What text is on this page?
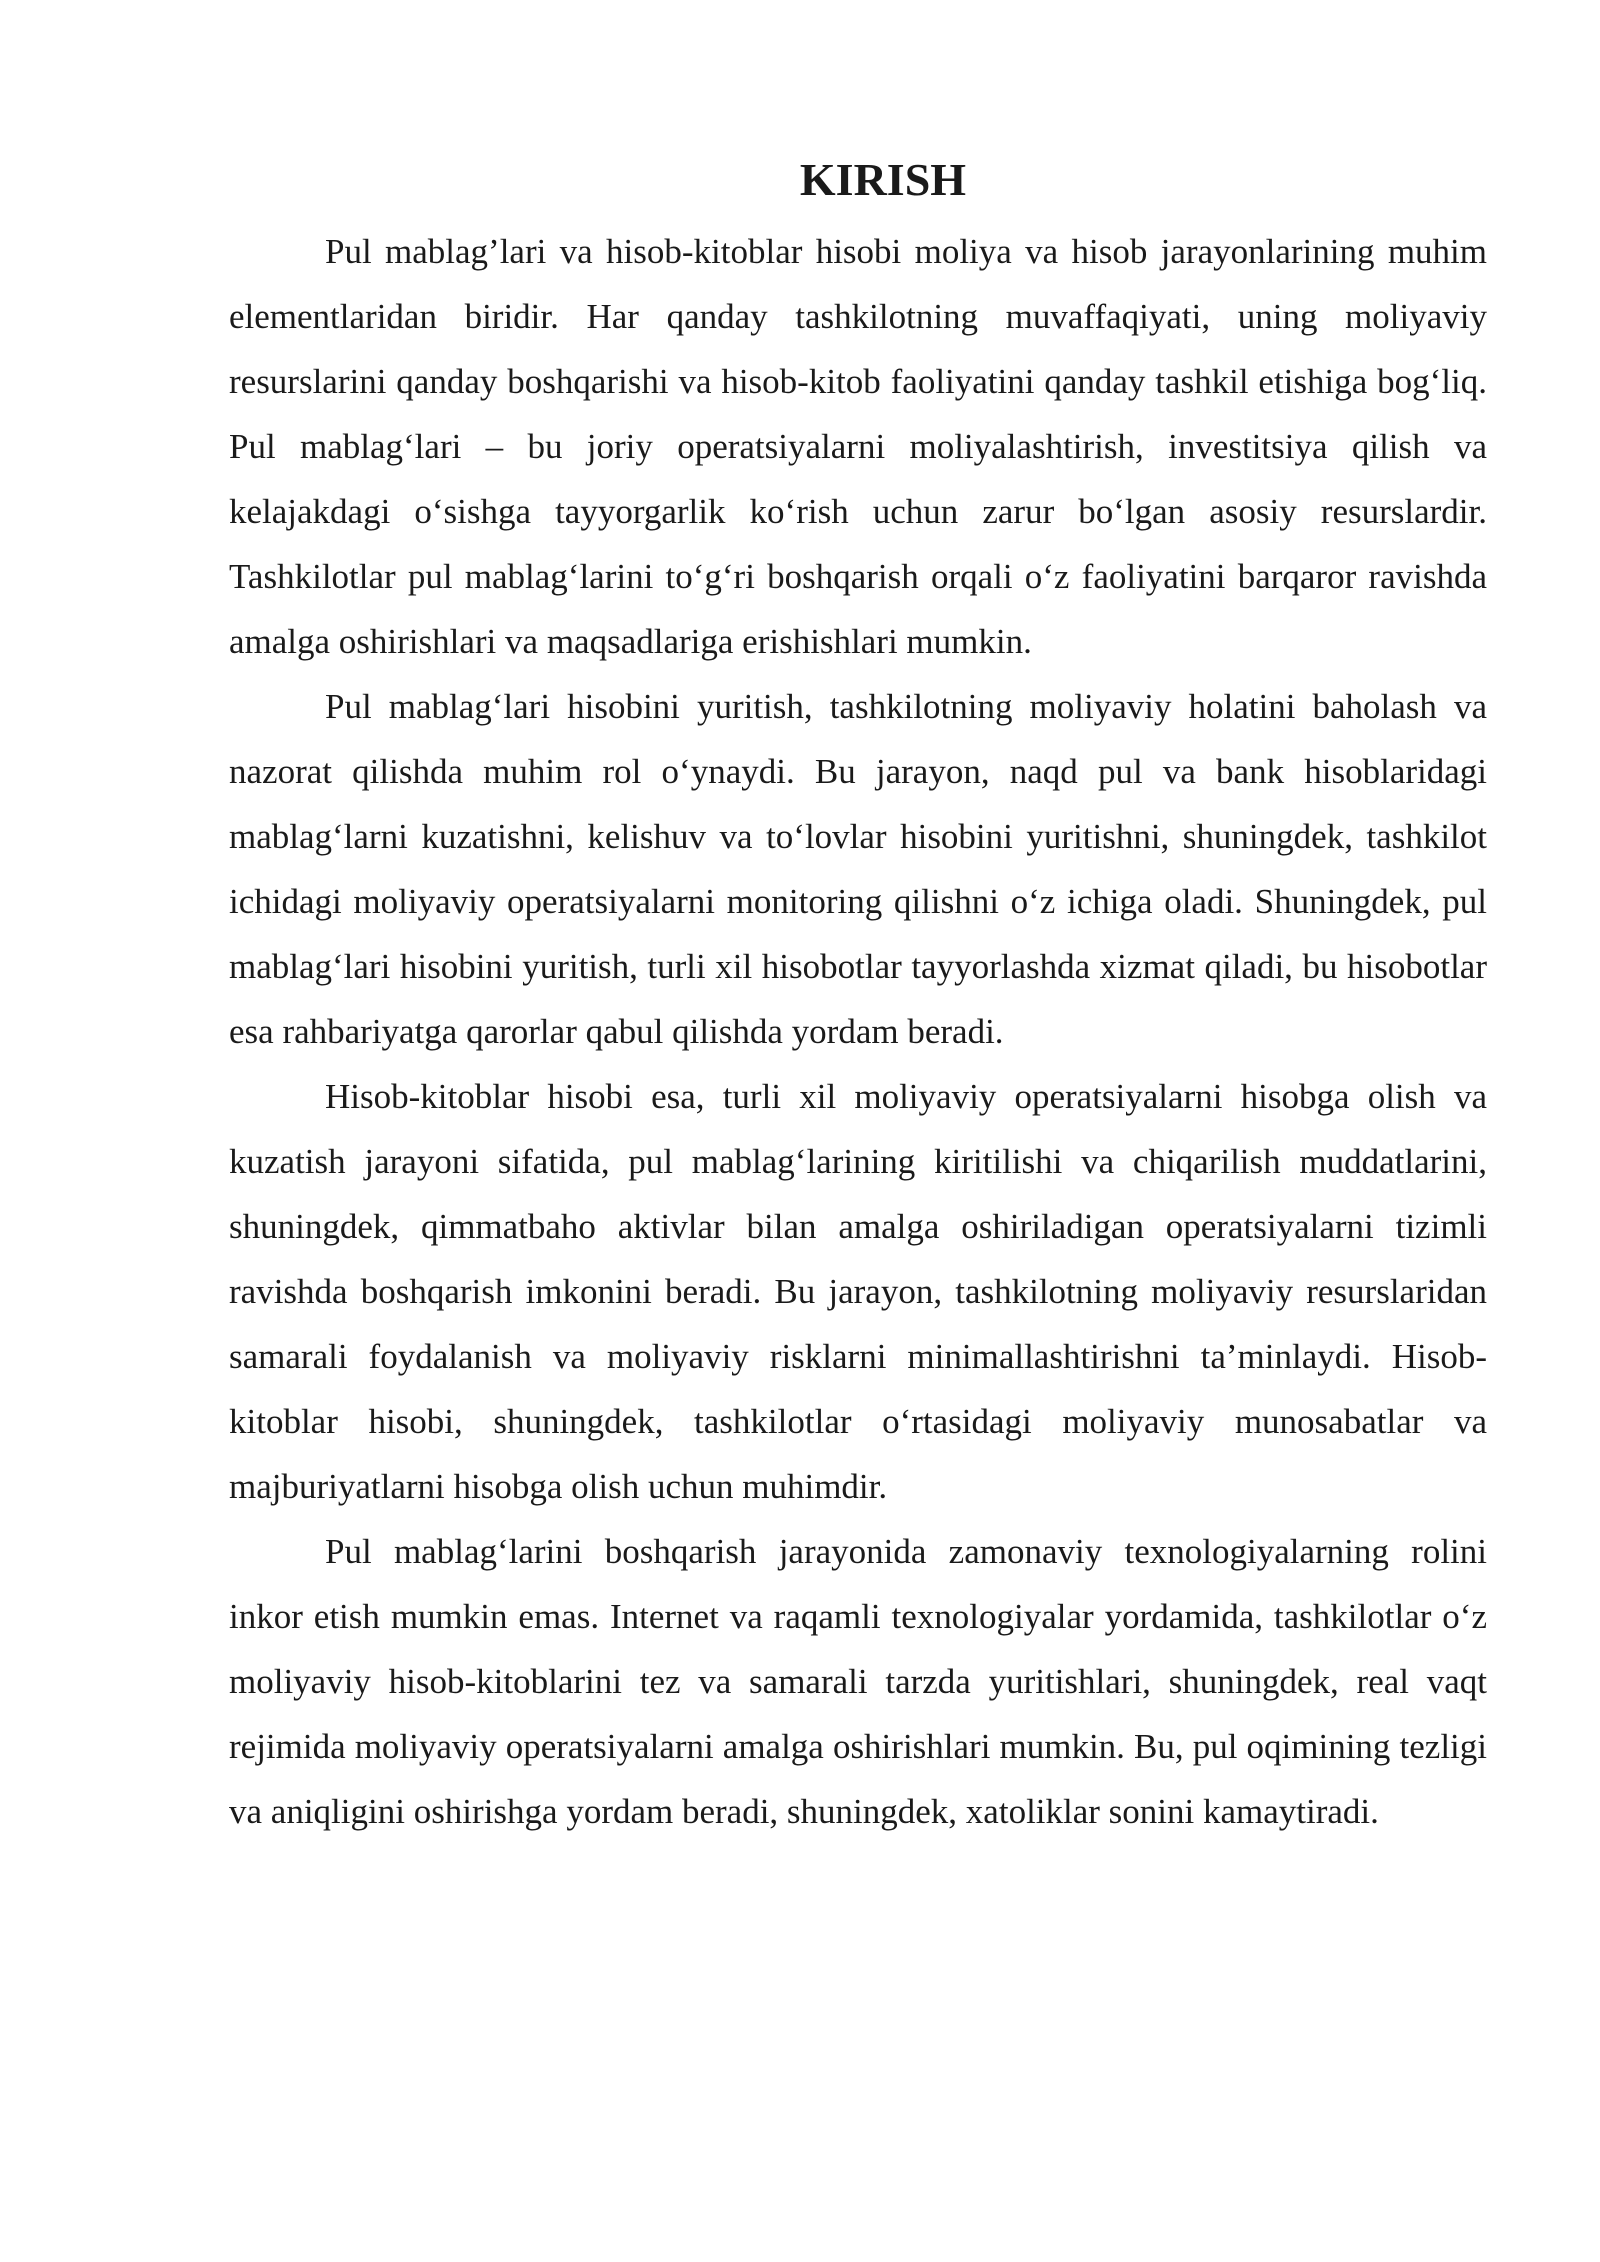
KIRISH

Pul mablag’lari va hisob-kitoblar hisobi moliya va hisob jarayonlarining muhim elementlaridan biridir. Har qanday tashkilotning muvaffaqiyati, uning moliyaviy resurslarini qanday boshqarishi va hisob-kitob faoliyatini qanday tashkil etishiga bog‘liq. Pul mablag‘lari – bu joriy operatsiyalarni moliyalashtirish, investitsiya qilish va kelajakdagi o‘sishga tayyorgarlik ko‘rish uchun zarur bo‘lgan asosiy resurslardir. Tashkilotlar pul mablag‘larini to‘g‘ri boshqarish orqali o‘z faoliyatini barqaror ravishda amalga oshirishlari va maqsadlariga erishishlari mumkin.

Pul mablag‘lari hisobini yuritish, tashkilotning moliyaviy holatini baholash va nazorat qilishda muhim rol o‘ynaydi. Bu jarayon, naqd pul va bank hisoblaridagi mablag‘larni kuzatishni, kelishuv va to‘lovlar hisobini yuritishni, shuningdek, tashkilot ichidagi moliyaviy operatsiyalarni monitoring qilishni o‘z ichiga oladi. Shuningdek, pul mablag‘lari hisobini yuritish, turli xil hisobotlar tayyorlashda xizmat qiladi, bu hisobotlar esa rahbariyatga qarorlar qabul qilishda yordam beradi.

Hisob-kitoblar hisobi esa, turli xil moliyaviy operatsiyalarni hisobga olish va kuzatish jarayoni sifatida, pul mablag‘larining kiritilishi va chiqarilish muddatlarini, shuningdek, qimmatbaho aktivlar bilan amalga oshiriladigan operatsiyalarni tizimli ravishda boshqarish imkonini beradi. Bu jarayon, tashkilotning moliyaviy resurslaridan samarali foydalanish va moliyaviy risklarni minimallashtirishni ta’minlaydi. Hisob-kitoblar hisobi, shuningdek, tashkilotlar o‘rtasidagi moliyaviy munosabatlar va majburiyatlarni hisobga olish uchun muhimdir.

Pul mablag‘larini boshqarish jarayonida zamonaviy texnologiyalarning rolini inkor etish mumkin emas. Internet va raqamli texnologiyalar yordamida, tashkilotlar o‘z moliyaviy hisob-kitoblarini tez va samarali tarzda yuritishlari, shuningdek, real vaqt rejimida moliyaviy operatsiyalarni amalga oshirishlari mumkin. Bu, pul oqimining tezligi va aniqligini oshirishga yordam beradi, shuningdek, xatoliklar sonini kamaytiradi.
